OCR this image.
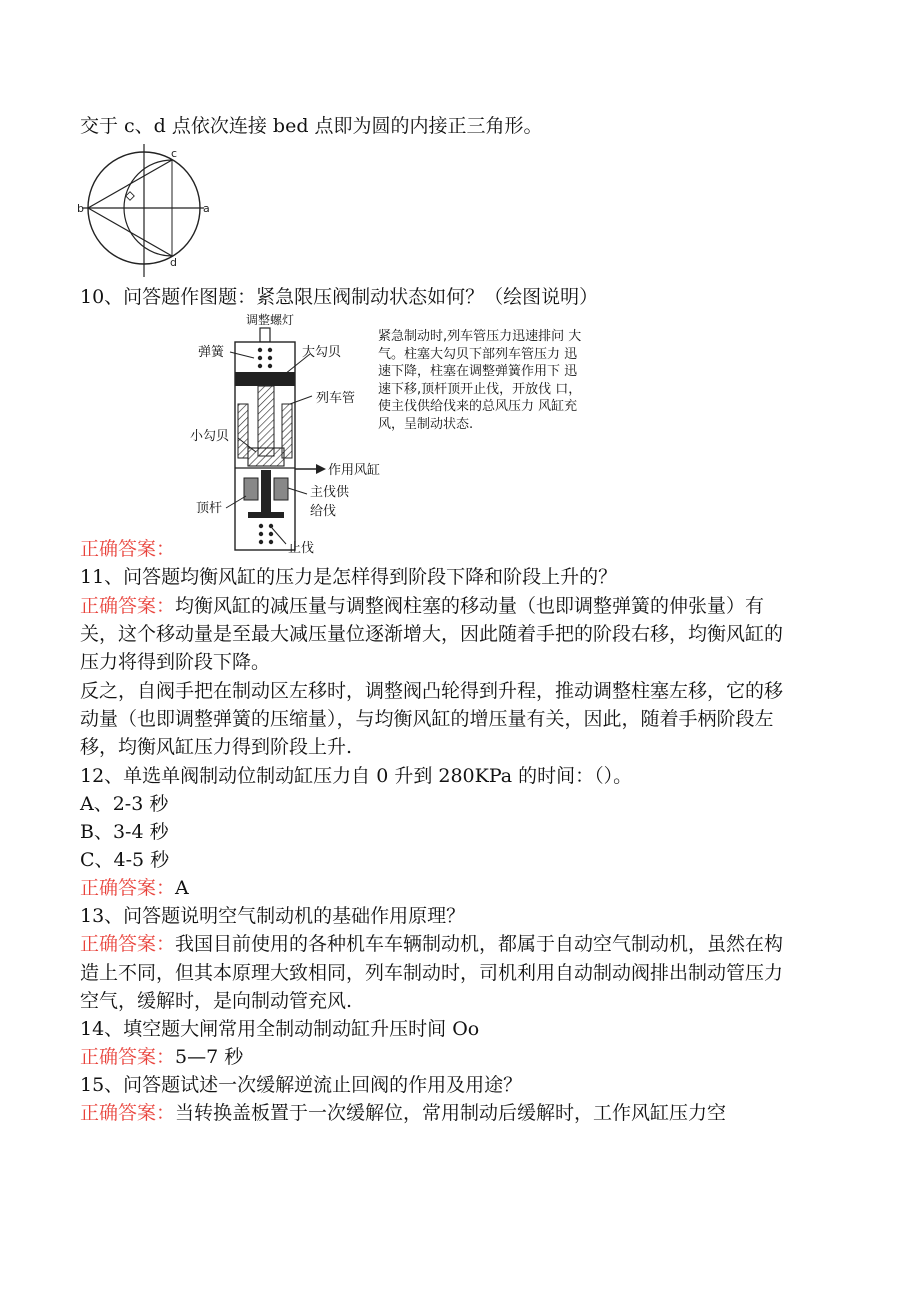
交于 c、d 点依次连接 bed 点即为圆的内接正三角形。
c
b	a
d
10、问答题作图题：紧急限压阀制动状态如何？（绘图说明）
调整螺灯
弹簧	大勾贝
列车管
小勾贝
作用风缸
主伐供
给伐
顶杆
止伐
紧急制动时,列车管压力迅速排问 大
气。柱塞大勾贝下部列车管压力 迅
速下降，柱塞在调整弹簧作用下 迅
速下移,顶杆顶开止伐，开放伐 口，
使主伐供给伐来的总风压力 风缸充
风，呈制动状态.
正确答案：
11、问答题均衡风缸的压力是怎样得到阶段下降和阶段上升的？
正确答案：均衡风缸的减压量与调整阀柱塞的移动量（也即调整弹簧的伸张量）有
关，这个移动量是至最大减压量位逐渐增大，因此随着手把的阶段右移，均衡风缸的
压力将得到阶段下降。
反之，自阀手把在制动区左移时，调整阀凸轮得到升程，推动调整柱塞左移，它的移
动量（也即调整弹簧的压缩量），与均衡风缸的增压量有关，因此，随着手柄阶段左
移，均衡风缸压力得到阶段上升.
12、单选单阀制动位制动缸压力自 0 升到 280KPa 的时间：（）。
A、2-3 秒
B、3-4 秒
C、4-5 秒
正确答案：A
13、问答题说明空气制动机的基础作用原理？
正确答案：我国目前使用的各种机车车辆制动机，都属于自动空气制动机，虽然在构
造上不同，但其本原理大致相同，列车制动时，司机利用自动制动阀排出制动管压力
空气，缓解时，是向制动管充风.
14、填空题大闸常用全制动制动缸升压时间 Oo
正确答案：5—7 秒
15、问答题试述一次缓解逆流止回阀的作用及用途？
正确答案：当转换盖板置于一次缓解位，常用制动后缓解时，工作风缸压力空
